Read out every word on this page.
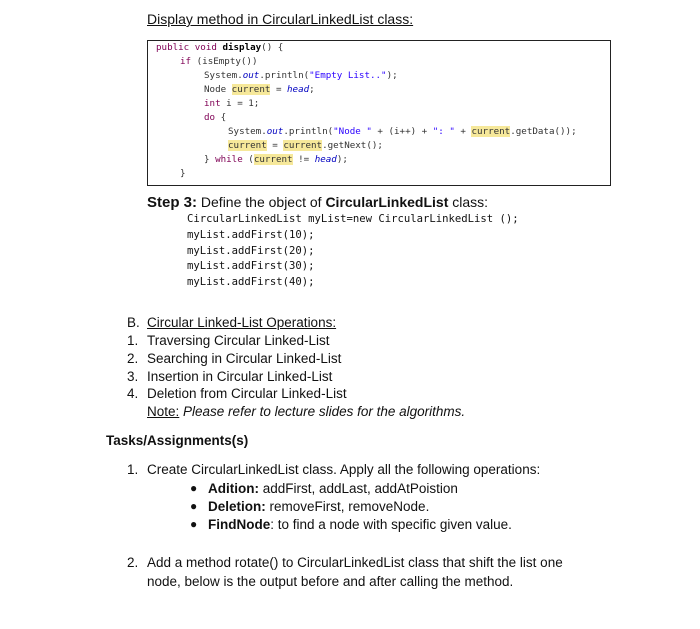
Display method in CircularLinkedList class:
public void display() {
if (isEmpty())
System.out.println("Empty List..");
Node current = head;
int i = 1;
do {
System.out.println("Node " + (i++) + ": " + current.getData());
current = current.getNext();
} while (current != head);
}
Step 3: Define the object of CircularLinkedList class:
CircularLinkedList myList=new CircularLinkedList ();
myList.addFirst(10);
myList.addFirst(20);
myList.addFirst(30);
myList.addFirst(40);
B. Circular Linked-List Operations:
1. Traversing Circular Linked-List
2. Searching in Circular Linked-List
3. Insertion in Circular Linked-List
4. Deletion from Circular Linked-List
Note: Please refer to lecture slides for the algorithms.
Tasks/Assignments(s)
1. Create CircularLinkedList class. Apply all the following operations:
● Adition: addFirst, addLast, addAtPoistion
● Deletion: removeFirst, removeNode.
● FindNode: to find a node with specific given value.
2. Add a method rotate() to CircularLinkedList class that shift the list one
node, below is the output before and after calling the method.
